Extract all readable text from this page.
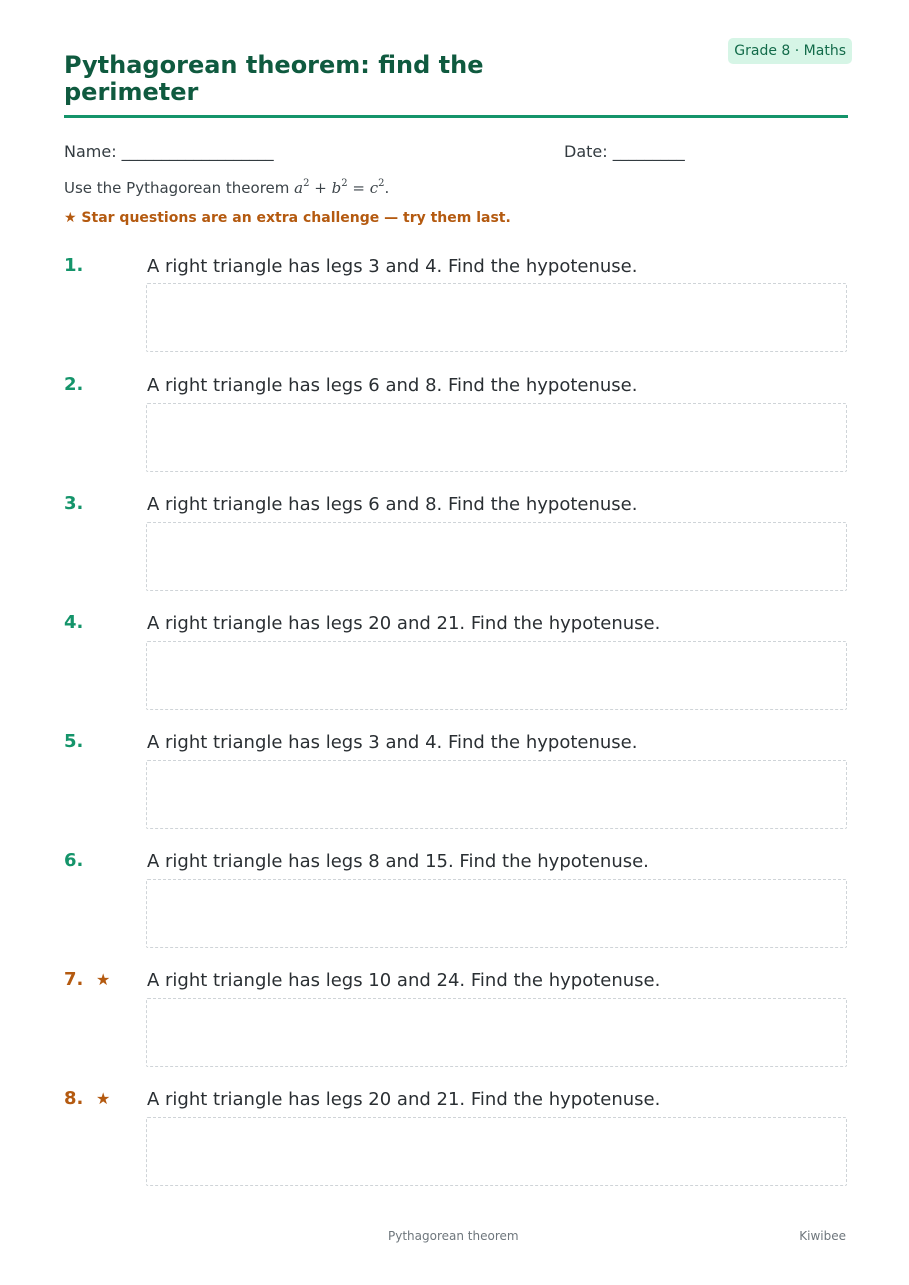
Pythagorean theorem: find the perimeter
Grade 8 · Maths
Name: ___________________	Date: _________
Use the Pythagorean theorem $a^2 + b^2 = c^2$.
★ Star questions are an extra challenge — try them last.
1.	A right triangle has legs 3 and 4. Find the hypotenuse.
2.	A right triangle has legs 6 and 8. Find the hypotenuse.
3.	A right triangle has legs 6 and 8. Find the hypotenuse.
4.	A right triangle has legs 20 and 21. Find the hypotenuse.
5.	A right triangle has legs 3 and 4. Find the hypotenuse.
6.	A right triangle has legs 8 and 15. Find the hypotenuse.
7. ★ A right triangle has legs 10 and 24. Find the hypotenuse.
8. ★ A right triangle has legs 20 and 21. Find the hypotenuse.
Pythagorean theorem	Kiwibee
